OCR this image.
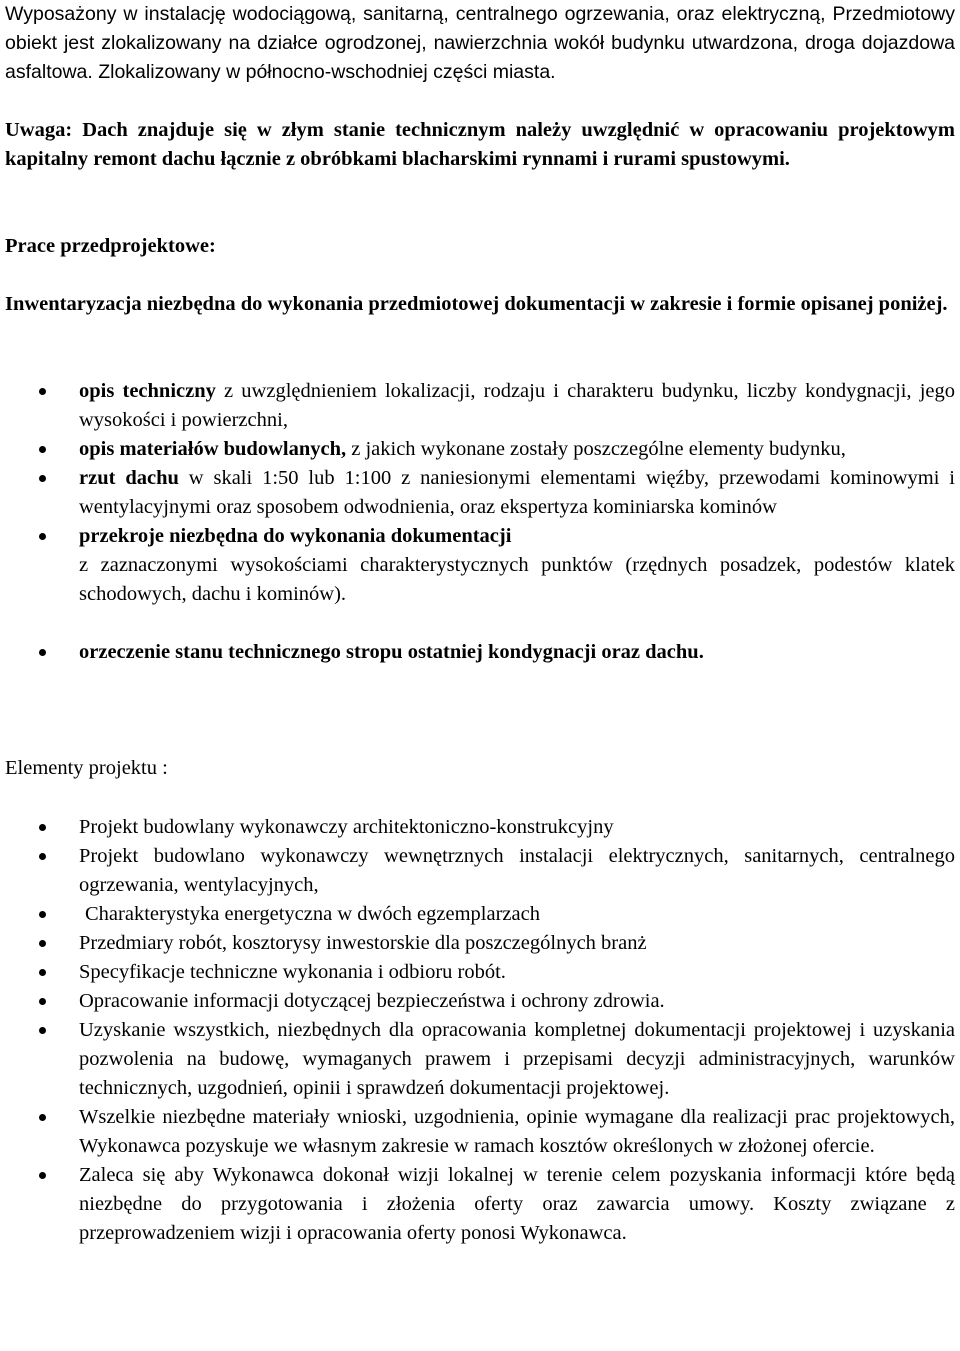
Wyposażony w instalację wodociągową, sanitarną, centralnego ogrzewania, oraz elektryczną, Przedmiotowy obiekt jest zlokalizowany na działce ogrodzonej, nawierzchnia wokół budynku utwardzona, droga dojazdowa asfaltowa. Zlokalizowany w północno-wschodniej części miasta.

Uwaga: Dach znajduje się w złym stanie technicznym należy uwzględnić w opracowaniu projektowym kapitalny remont dachu łącznie z obróbkami blacharskimi rynnami i rurami spustowymi.

Prace przedprojektowe:

Inwentaryzacja niezbędna do wykonania przedmiotowej dokumentacji w zakresie i formie opisanej poniżej.

opis techniczny z uwzględnieniem lokalizacji, rodzaju i charakteru budynku, liczby kondygnacji, jego wysokości i powierzchni,
opis materiałów budowlanych, z jakich wykonane zostały poszczególne elementy budynku,
rzut dachu w skali 1:50 lub 1:100 z naniesionymi elementami więźby, przewodami kominowymi i wentylacyjnymi oraz sposobem odwodnienia, oraz ekspertyza kominiarska kominów
przekroje niezbędna do wykonania dokumentacji
z zaznaczonymi wysokościami charakterystycznych punktów (rzędnych posadzek, podestów klatek schodowych, dachu i kominów).
orzeczenie stanu technicznego stropu ostatniej kondygnacji oraz dachu.

Elementy projektu :

Projekt budowlany wykonawczy architektoniczno-konstrukcyjny
Projekt budowlano wykonawczy wewnętrznych instalacji elektrycznych, sanitarnych, centralnego ogrzewania, wentylacyjnych,
Charakterystyka energetyczna w dwóch egzemplarzach
Przedmiary robót, kosztorysy inwestorskie dla poszczególnych branż
Specyfikacje techniczne wykonania i odbioru robót.
Opracowanie informacji dotyczącej bezpieczeństwa i ochrony zdrowia.
Uzyskanie wszystkich, niezbędnych dla opracowania kompletnej dokumentacji projektowej i uzyskania pozwolenia na budowę, wymaganych prawem i przepisami decyzji administracyjnych, warunków technicznych, uzgodnień, opinii i sprawdzeń dokumentacji projektowej.
Wszelkie niezbędne materiały wnioski, uzgodnienia, opinie wymagane dla realizacji prac projektowych, Wykonawca pozyskuje we własnym zakresie w ramach kosztów określonych w złożonej ofercie.
Zaleca się aby Wykonawca dokonał wizji lokalnej w terenie celem pozyskania informacji które będą niezbędne do przygotowania i złożenia oferty oraz zawarcia umowy. Koszty związane z przeprowadzeniem wizji i opracowania oferty ponosi Wykonawca.
